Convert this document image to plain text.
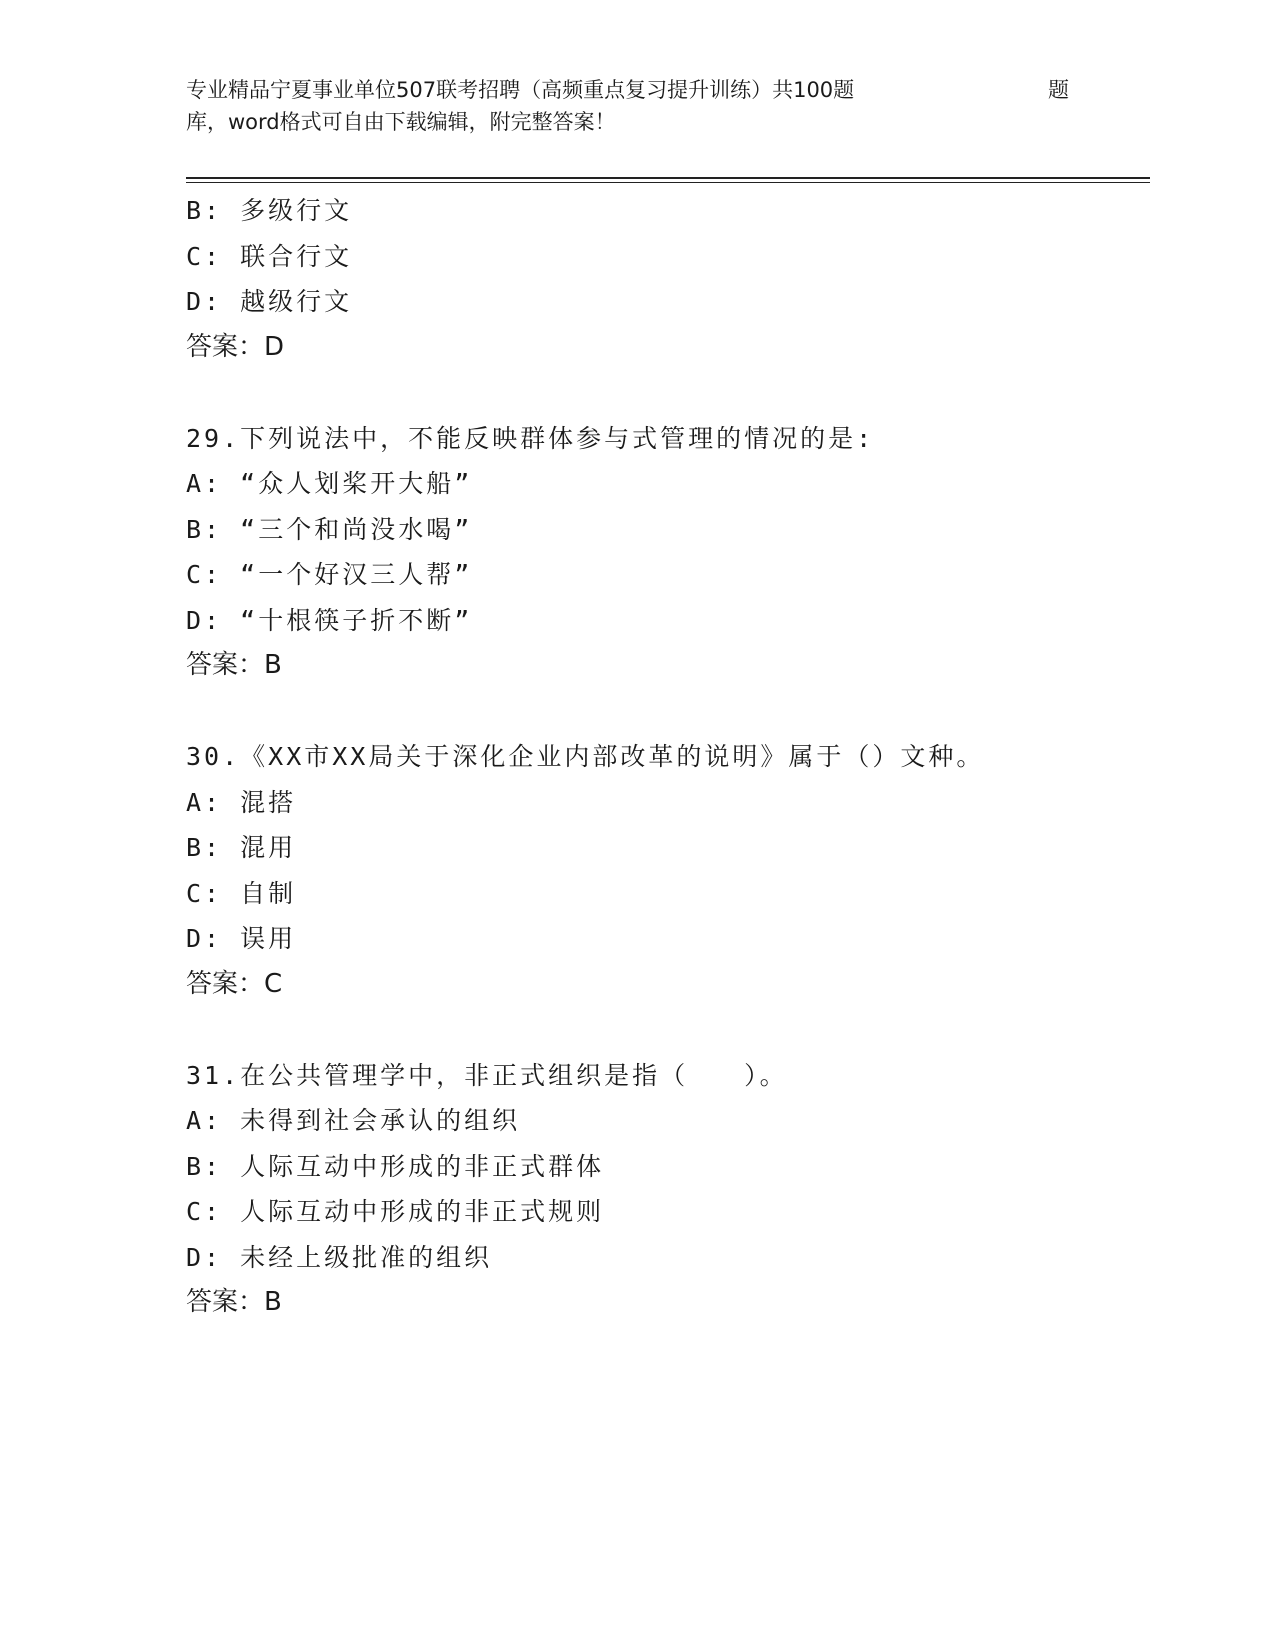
专业精品宁夏事业单位507联考招聘（高频重点复习提升训练）共100题	题
库，word格式可自由下载编辑，附完整答案！
B: 多级行文
C: 联合行文
D: 越级行文
答案：D
29.下列说法中，不能反映群体参与式管理的情况的是:
A: “众人划桨开大船”
B: “三个和尚没水喝”
C: “一个好汉三人帮”
D: “十根筷子折不断”
答案：B
30.《XX市XX局关于深化企业内部改革的说明》属于（）文种。
A: 混搭
B: 混用
C: 自制
D: 误用
答案：C
31.在公共管理学中，非正式组织是指（　　）。
A: 未得到社会承认的组织
B: 人际互动中形成的非正式群体
C: 人际互动中形成的非正式规则
D: 未经上级批准的组织
答案：B
